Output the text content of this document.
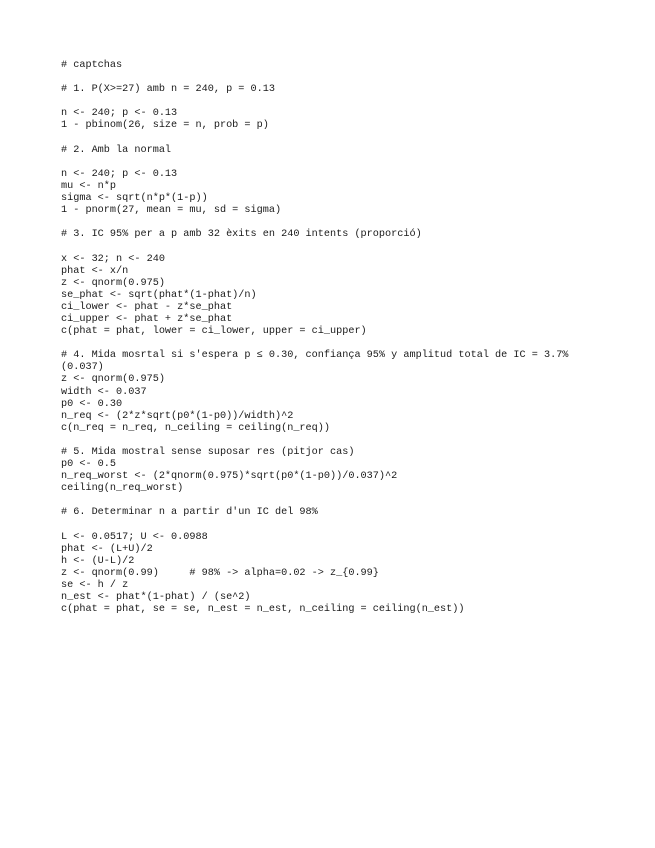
# captchas
# 1. P(X>=27) amb n = 240, p = 0.13
n <- 240; p <- 0.13
1 - pbinom(26, size = n, prob = p)
# 2. Amb la normal
n <- 240; p <- 0.13
mu <- n*p
sigma <- sqrt(n*p*(1-p))
1 - pnorm(27, mean = mu, sd = sigma)
# 3. IC 95% per a p amb 32 èxits en 240 intents (proporció)
x <- 32; n <- 240
phat <- x/n
z <- qnorm(0.975)
se_phat <- sqrt(phat*(1-phat)/n)
ci_lower <- phat - z*se_phat
ci_upper <- phat + z*se_phat
c(phat = phat, lower = ci_lower, upper = ci_upper)
# 4. Mida mosrtal si s'espera p ≤ 0.30, confiança 95% y amplitud total de IC = 3.7%
(0.037)
z <- qnorm(0.975)
width <- 0.037
p0 <- 0.30
n_req <- (2*z*sqrt(p0*(1-p0))/width)^2
c(n_req = n_req, n_ceiling = ceiling(n_req))
# 5. Mida mostral sense suposar res (pitjor cas)
p0 <- 0.5
n_req_worst <- (2*qnorm(0.975)*sqrt(p0*(1-p0))/0.037)^2
ceiling(n_req_worst)
# 6. Determinar n a partir d'un IC del 98%
L <- 0.0517; U <- 0.0988
phat <- (L+U)/2
h <- (U-L)/2
z <- qnorm(0.99)     # 98% -> alpha=0.02 -> z_{0.99}
se <- h / z
n_est <- phat*(1-phat) / (se^2)
c(phat = phat, se = se, n_est = n_est, n_ceiling = ceiling(n_est))
